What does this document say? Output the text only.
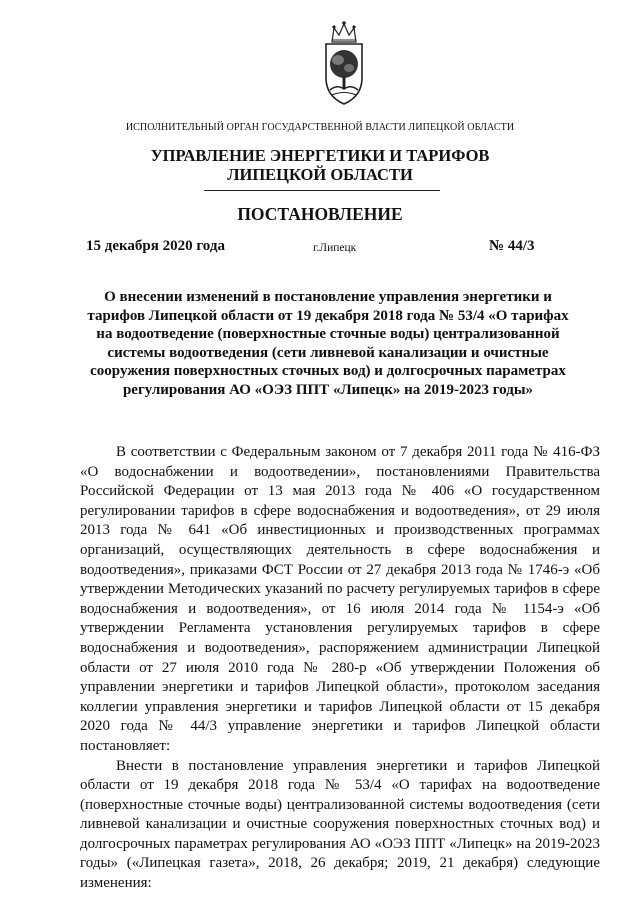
ИСПОЛНИТЕЛЬНЫЙ ОРГАН ГОСУДАРСТВЕННОЙ ВЛАСТИ ЛИПЕЦКОЙ ОБЛАСТИ
УПРАВЛЕНИЕ ЭНЕРГЕТИКИ И ТАРИФОВ
ЛИПЕЦКОЙ ОБЛАСТИ
ПОСТАНОВЛЕНИЕ
15 декабря 2020 года	г.Липецк	№ 44/3
О внесении изменений в постановление управления энергетики и тарифов Липецкой области от 19 декабря 2018 года № 53/4 «О тарифах на водоотведение (поверхностные сточные воды) централизованной системы водоотведения (сети ливневой канализации и очистные сооружения поверхностных сточных вод) и долгосрочных параметрах регулирования АО «ОЭЗ ППТ «Липецк» на 2019-2023 годы»

В соответствии с Федеральным законом от 7 декабря 2011 года № 416-ФЗ «О водоснабжении и водоотведении», постановлениями Правительства Российской Федерации от 13 мая 2013 года № 406 «О государственном регулировании тарифов в сфере водоснабжения и водоотведения», от 29 июля 2013 года № 641 «Об инвестиционных и производственных программах организаций, осуществляющих деятельность в сфере водоснабжения и водоотведения», приказами ФСТ России от 27 декабря 2013 года № 1746-э «Об утверждении Методических указаний по расчету регулируемых тарифов в сфере водоснабжения и водоотведения», от 16 июля 2014 года № 1154-э «Об утверждении Регламента установления регулируемых тарифов в сфере водоснабжения и водоотведения», распоряжением администрации Липецкой области от 27 июля 2010 года № 280-р «Об утверждении Положения об управлении энергетики и тарифов Липецкой области», протоколом заседания коллегии управления энергетики и тарифов Липецкой области от 15 декабря 2020 года № 44/3 управление энергетики и тарифов Липецкой области постановляет:

Внести в постановление управления энергетики и тарифов Липецкой области от 19 декабря 2018 года № 53/4 «О тарифах на водоотведение (поверхностные сточные воды) централизованной системы водоотведения (сети ливневой канализации и очистные сооружения поверхностных сточных вод) и долгосрочных параметрах регулирования АО «ОЭЗ ППТ «Липецк» на 2019-2023 годы» («Липецкая газета», 2018, 26 декабря; 2019, 21 декабря) следующие изменения:
